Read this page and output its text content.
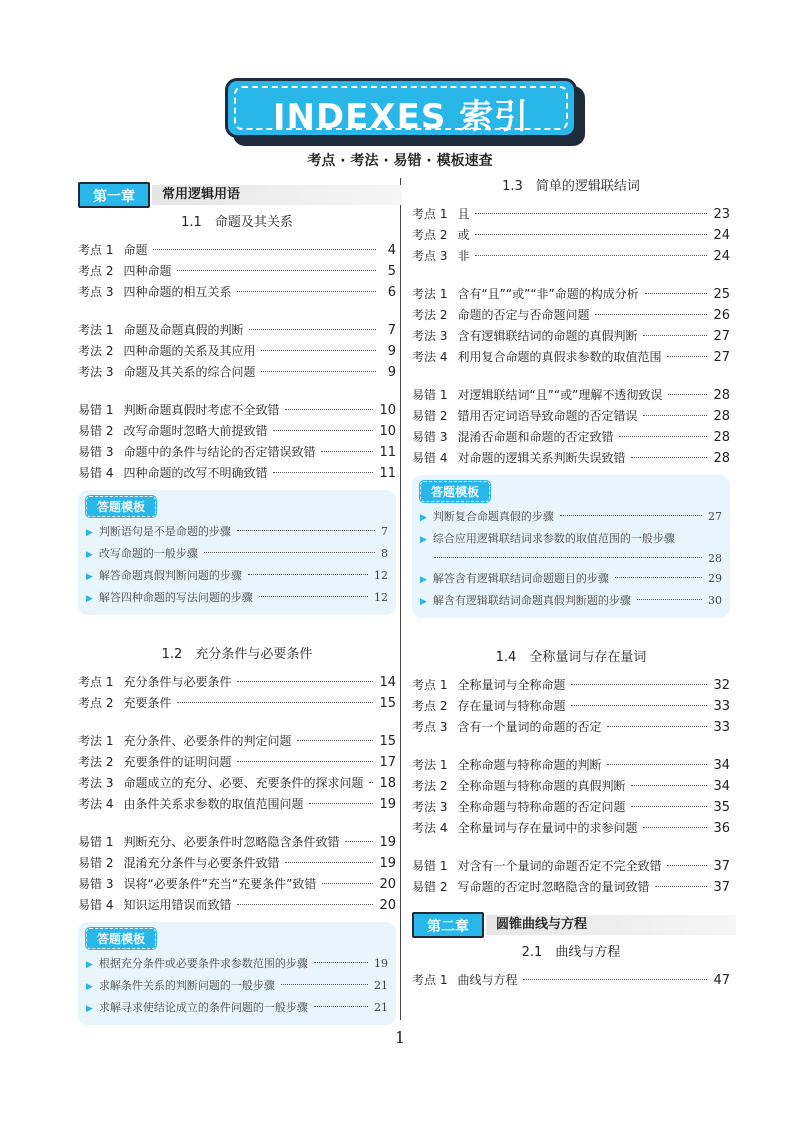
INDEXES 索引
考点 · 考法 · 易错 · 模板速查
第一章	常用逻辑用语
1.1　命题及其关系
考点 1 命题	4
考点 2 四种命题	5
考点 3 四种命题的相互关系	6
考法 1 命题及命题真假的判断	7
考法 2 四种命题的关系及其应用	9
考法 3 命题及其关系的综合问题	9
易错 1 判断命题真假时考虑不全致错	10
易错 2 改写命题时忽略大前提致错	10
易错 3 命题中的条件与结论的否定错误致错	11
易错 4 四种命题的改写不明确致错	11
答题模板
▶ 判断语句是不是命题的步骤	7
▶ 改写命题的一般步骤	8
▶ 解答命题真假判断问题的步骤	12
▶ 解答四种命题的写法问题的步骤	12
1.2　充分条件与必要条件
考点 1 充分条件与必要条件	14
考点 2 充要条件	15
考法 1 充分条件、必要条件的判定问题	15
考法 2 充要条件的证明问题	17
考法 3 命题成立的充分、必要、充要条件的探求问题 18
考法 4 由条件关系求参数的取值范围问题	19
易错 1 判断充分、必要条件时忽略隐含条件致错	19
易错 2 混淆充分条件与必要条件致错	19
易错 3 误将“必要条件”充当“充要条件”致错	20
易错 4 知识运用错误而致错	20
答题模板
▶ 根据充分条件或必要条件求参数范围的步骤	19
▶ 求解条件关系的判断问题的一般步骤	21
▶ 求解寻求使结论成立的条件问题的一般步骤	21
1.3　简单的逻辑联结词
考点 1 且	23
考点 2 或	24
考点 3 非	24
考法 1 含有“且”“或”“非”命题的构成分析	25
考法 2 命题的否定与否命题问题	26
考法 3 含有逻辑联结词的命题的真假判断	27
考法 4 利用复合命题的真假求参数的取值范围	27
易错 1 对逻辑联结词“且”“或”理解不透彻致误	28
易错 2 错用否定词语导致命题的否定错误	28
易错 3 混淆否命题和命题的否定致错	28
易错 4 对命题的逻辑关系判断失误致错	28
答题模板
▶ 判断复合命题真假的步骤	27
▶ 综合应用逻辑联结词求参数的取值范围的一般步骤
28
▶ 解答含有逻辑联结词命题题目的步骤	29
▶ 解含有逻辑联结词命题真假判断题的步骤	30
1.4　全称量词与存在量词
考点 1 全称量词与全称命题	32
考点 2 存在量词与特称命题	33
考点 3 含有一个量词的命题的否定	33
考法 1 全称命题与特称命题的判断	34
考法 2 全称命题与特称命题的真假判断	34
考法 3 全称命题与特称命题的否定问题	35
考法 4 全称量词与存在量词中的求参问题	36
易错 1 对含有一个量词的命题否定不完全致错	37
易错 2 写命题的否定时忽略隐含的量词致错	37
第二章	圆锥曲线与方程
2.1　曲线与方程
考点 1 曲线与方程	47
1
